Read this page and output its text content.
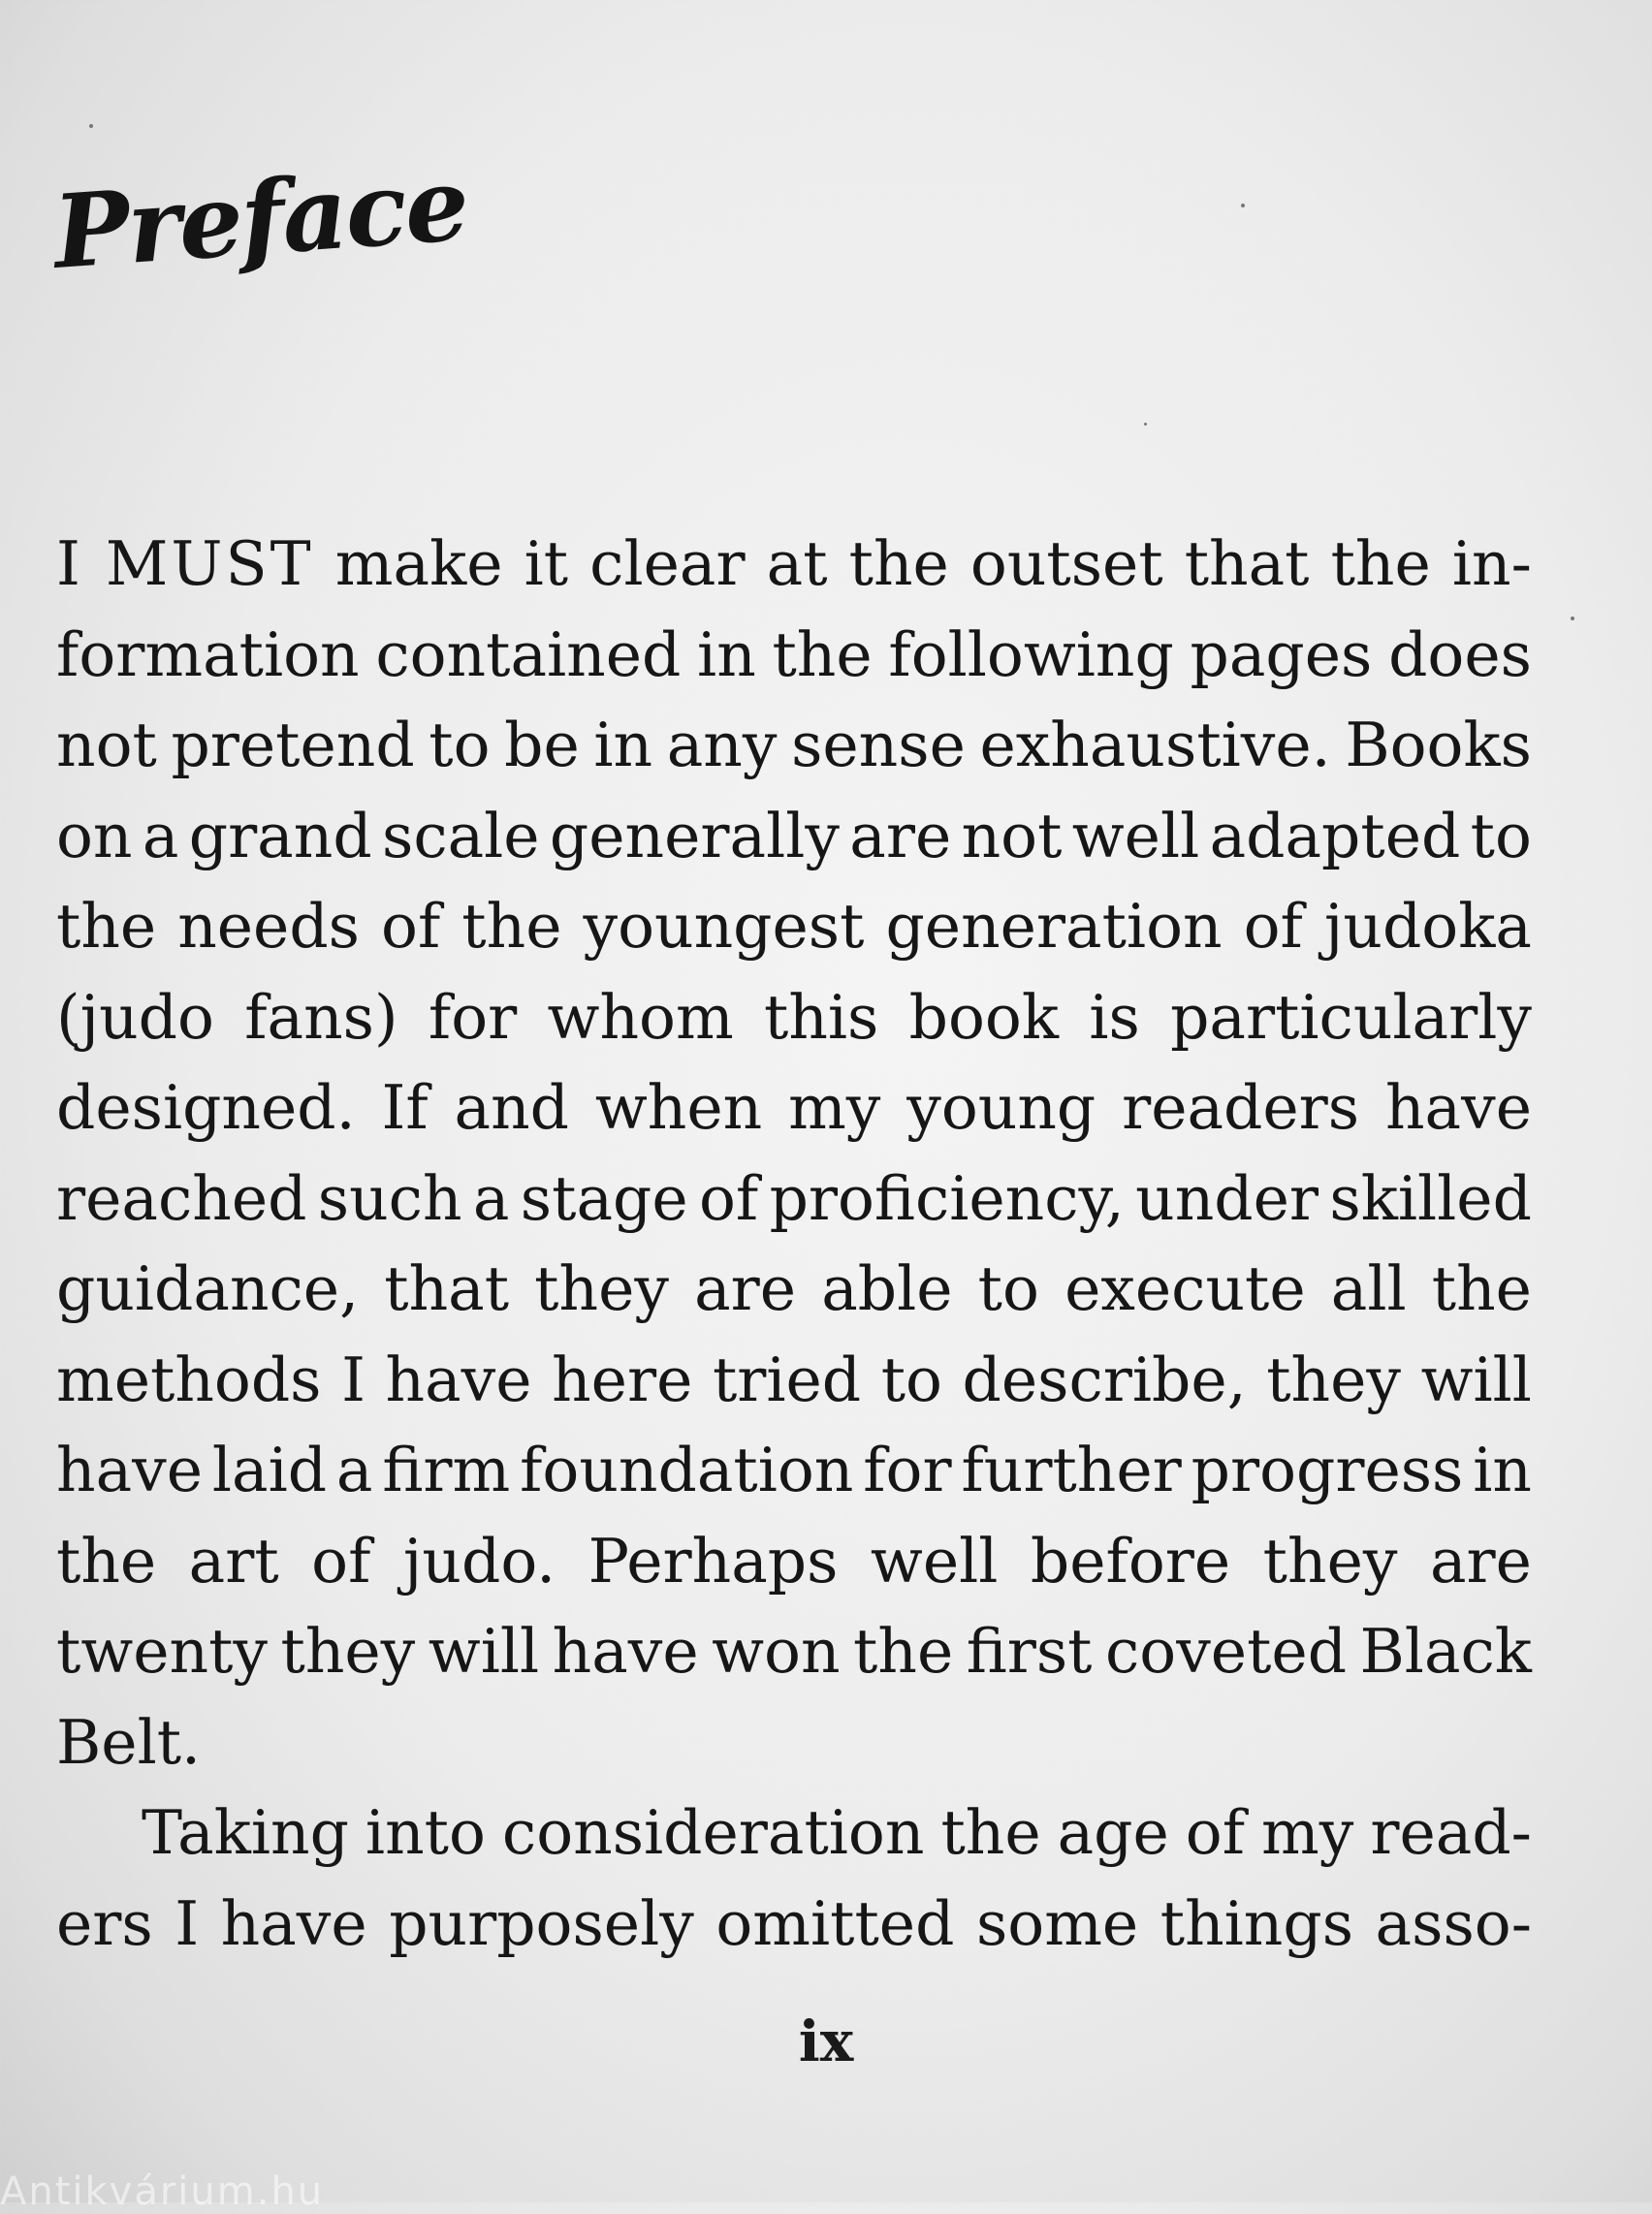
Preface
I MUST make it clear at the outset that the in-
formation contained in the following pages does
not pretend to be in any sense exhaustive. Books
on a grand scale generally are not well adapted to
the needs of the youngest generation of judoka
(judo fans) for whom this book is particularly
designed. If and when my young readers have
reached such a stage of proficiency, under skilled
guidance, that they are able to execute all the
methods I have here tried to describe, they will
have laid a firm foundation for further progress in
the art of judo. Perhaps well before they are
twenty they will have won the first coveted Black
Belt.
Taking into consideration the age of my read-
ers I have purposely omitted some things asso-
ix
Antikvárium.hu
